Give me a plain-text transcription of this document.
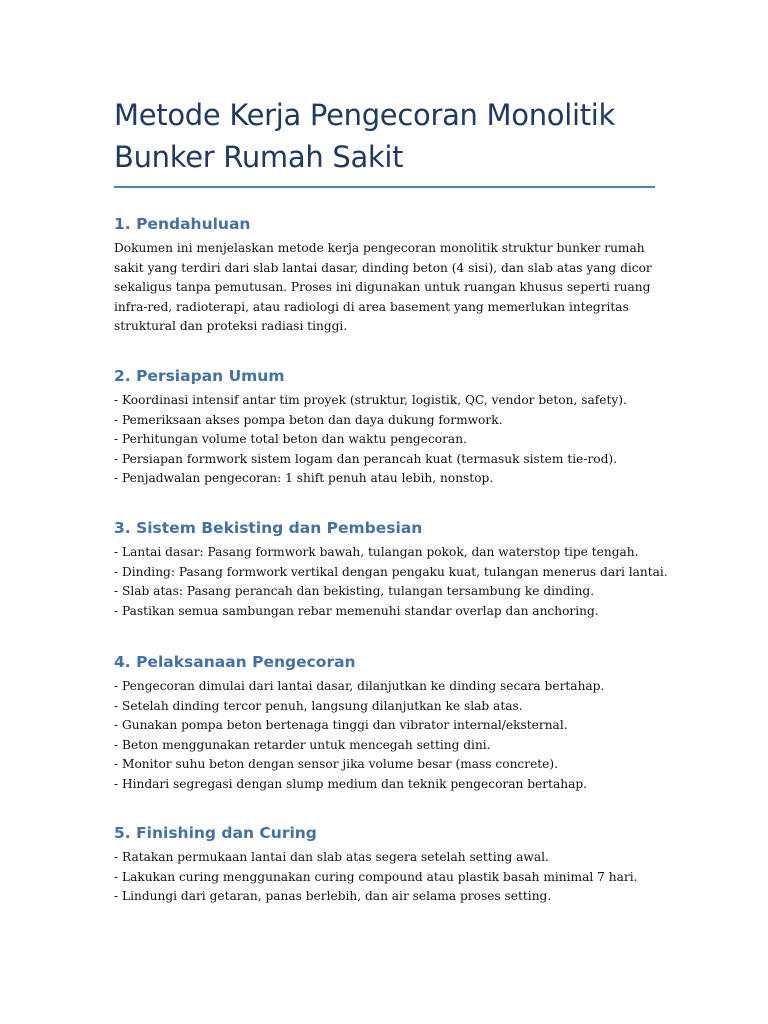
Metode Kerja Pengecoran Monolitik
Bunker Rumah Sakit
1. Pendahuluan

Dokumen ini menjelaskan metode kerja pengecoran monolitik struktur bunker rumah sakit yang terdiri dari slab lantai dasar, dinding beton (4 sisi), dan slab atas yang dicor sekaligus tanpa pemutusan. Proses ini digunakan untuk ruangan khusus seperti ruang infra-red, radioterapi, atau radiologi di area basement yang memerlukan integritas struktural dan proteksi radiasi tinggi.

2. Persiapan Umum
- Koordinasi intensif antar tim proyek (struktur, logistik, QC, vendor beton, safety).
- Pemeriksaan akses pompa beton dan daya dukung formwork.
- Perhitungan volume total beton dan waktu pengecoran.
- Persiapan formwork sistem logam dan perancah kuat (termasuk sistem tie-rod).
- Penjadwalan pengecoran: 1 shift penuh atau lebih, nonstop.
3. Sistem Bekisting dan Pembesian
- Lantai dasar: Pasang formwork bawah, tulangan pokok, dan waterstop tipe tengah.
- Dinding: Pasang formwork vertikal dengan pengaku kuat, tulangan menerus dari lantai.
- Slab atas: Pasang perancah dan bekisting, tulangan tersambung ke dinding.
- Pastikan semua sambungan rebar memenuhi standar overlap dan anchoring.
4. Pelaksanaan Pengecoran
- Pengecoran dimulai dari lantai dasar, dilanjutkan ke dinding secara bertahap.
- Setelah dinding tercor penuh, langsung dilanjutkan ke slab atas.
- Gunakan pompa beton bertenaga tinggi dan vibrator internal/eksternal.
- Beton menggunakan retarder untuk mencegah setting dini.
- Monitor suhu beton dengan sensor jika volume besar (mass concrete).
- Hindari segregasi dengan slump medium dan teknik pengecoran bertahap.
5. Finishing dan Curing
- Ratakan permukaan lantai dan slab atas segera setelah setting awal.
- Lakukan curing menggunakan curing compound atau plastik basah minimal 7 hari.
- Lindungi dari getaran, panas berlebih, dan air selama proses setting.
